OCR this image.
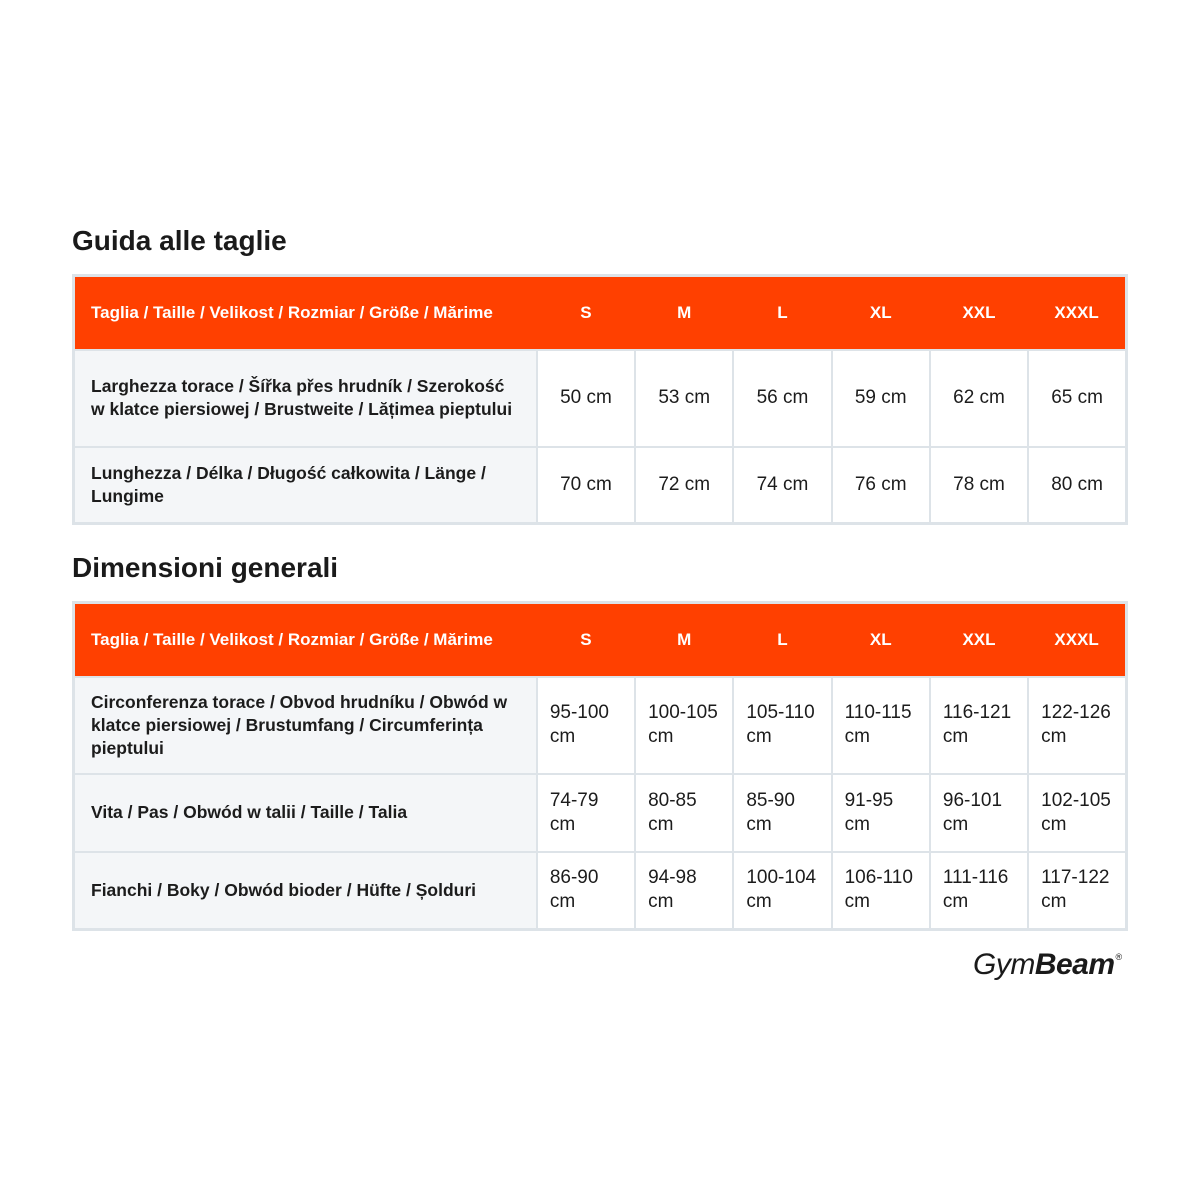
Guida alle taglie
Taglia / Taille / Velikost / Rozmiar / Größe / Mărime	S	M	L	XL	XXL	XXXL
Larghezza torace / Šířka přes hrudník / Szerokość w klatce piersiowej / Brustweite / Lățimea pieptului	50 cm	53 cm	56 cm	59 cm	62 cm	65 cm
Lunghezza / Délka / Długość całkowita / Länge / Lungime	70 cm	72 cm	74 cm	76 cm	78 cm	80 cm
Dimensioni generali
Taglia / Taille / Velikost / Rozmiar / Größe / Mărime	S	M	L	XL	XXL	XXXL
Circonferenza torace / Obvod hrudníku / Obwód w klatce piersiowej / Brustumfang / Circumferința pieptului	95-100 cm	100-105 cm	105-110 cm	110-115 cm	116-121 cm	122-126 cm
Vita / Pas / Obwód w talii / Taille / Talia	74-79 cm	80-85 cm	85-90 cm	91-95 cm	96-101 cm	102-105 cm
Fianchi / Boky / Obwód bioder / Hüfte / Șolduri	86-90 cm	94-98 cm	100-104 cm	106-110 cm	111-116 cm	117-122 cm
GymBeam®
